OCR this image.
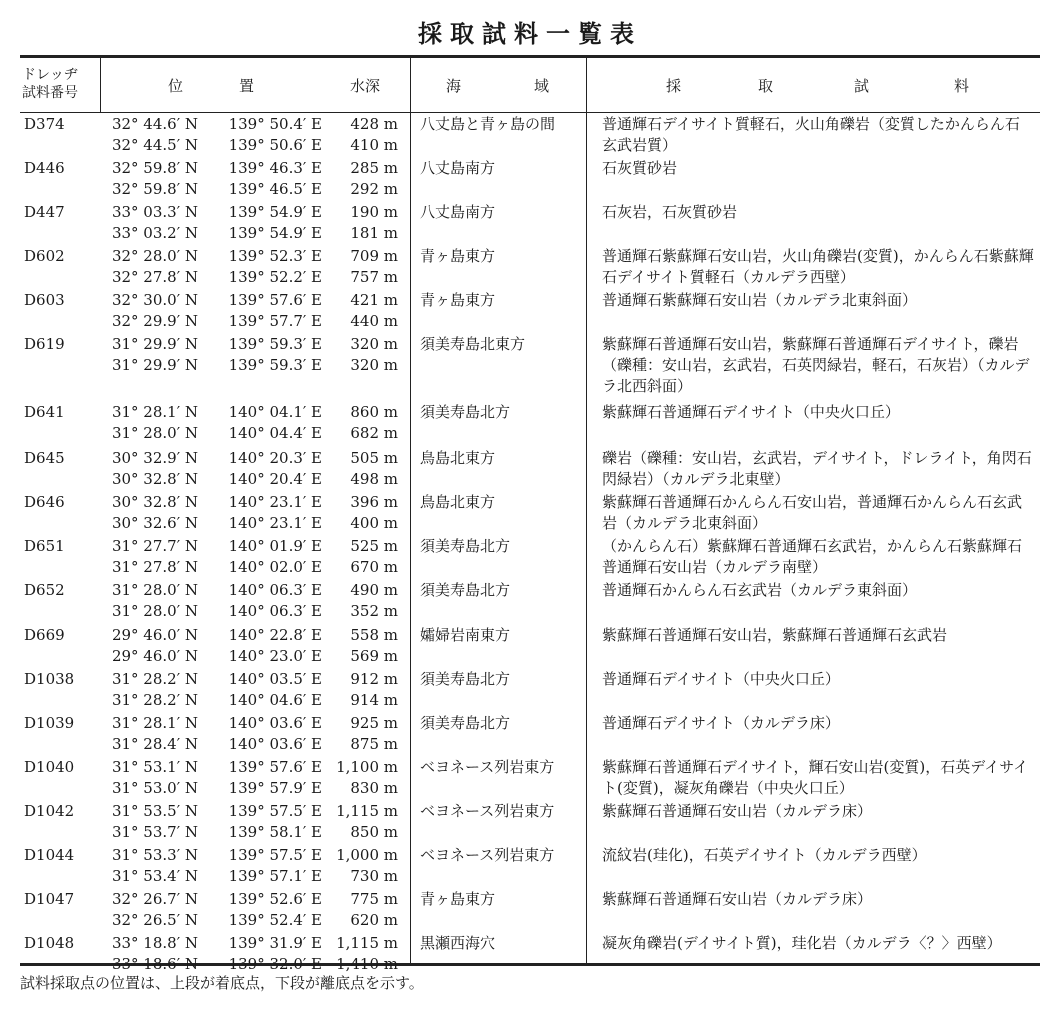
採取試料一覧表
ドレッヂ
試料番号	位	置	水深	海	域	採	取	試	料
D374	32° 44.6′ N	139° 50.4′ E	428 m
32° 44.5′ N	139° 50.6′ E	410 m
八丈島と青ヶ島の間	普通輝石デイサイト質軽石，火山角礫岩（変質したかんらん石玄武岩質）
D446	32° 59.8′ N	139° 46.3′ E	285 m
32° 59.8′ N	139° 46.5′ E	292 m
八丈島南方	石灰質砂岩
D447	33° 03.3′ N	139° 54.9′ E	190 m
33° 03.2′ N	139° 54.9′ E	181 m
八丈島南方	石灰岩，石灰質砂岩
D602	32° 28.0′ N	139° 52.3′ E	709 m
32° 27.8′ N	139° 52.2′ E	757 m
青ヶ島東方	普通輝石紫蘇輝石安山岩，火山角礫岩(変質)，かんらん石紫蘇輝石デイサイト質軽石（カルデラ西壁）
D603	32° 30.0′ N	139° 57.6′ E	421 m
32° 29.9′ N	139° 57.7′ E	440 m
青ヶ島東方	普通輝石紫蘇輝石安山岩（カルデラ北東斜面）
D619	31° 29.9′ N	139° 59.3′ E	320 m
31° 29.9′ N	139° 59.3′ E	320 m
須美寿島北東方	紫蘇輝石普通輝石安山岩，紫蘇輝石普通輝石デイサイト，礫岩（礫種：安山岩，玄武岩，石英閃緑岩，軽石，石灰岩）（カルデラ北西斜面）
D641	31° 28.1′ N	140° 04.1′ E	860 m
31° 28.0′ N	140° 04.4′ E	682 m
須美寿島北方	紫蘇輝石普通輝石デイサイト（中央火口丘）
D645	30° 32.9′ N	140° 20.3′ E	505 m
30° 32.8′ N	140° 20.4′ E	498 m
鳥島北東方	礫岩（礫種：安山岩，玄武岩，デイサイト，ドレライト，角閃石閃緑岩）（カルデラ北東壁）
D646	30° 32.8′ N	140° 23.1′ E	396 m
30° 32.6′ N	140° 23.1′ E	400 m
鳥島北東方	紫蘇輝石普通輝石かんらん石安山岩，普通輝石かんらん石玄武岩（カルデラ北東斜面）
D651	31° 27.7′ N	140° 01.9′ E	525 m
31° 27.8′ N	140° 02.0′ E	670 m
須美寿島北方	（かんらん石）紫蘇輝石普通輝石玄武岩，かんらん石紫蘇輝石普通輝石安山岩（カルデラ南壁）
D652	31° 28.0′ N	140° 06.3′ E	490 m
31° 28.0′ N	140° 06.3′ E	352 m
須美寿島北方	普通輝石かんらん石玄武岩（カルデラ東斜面）
D669	29° 46.0′ N	140° 22.8′ E	558 m
29° 46.0′ N	140° 23.0′ E	569 m
孀婦岩南東方	紫蘇輝石普通輝石安山岩，紫蘇輝石普通輝石玄武岩
D1038	31° 28.2′ N	140° 03.5′ E	912 m
31° 28.2′ N	140° 04.6′ E	914 m
須美寿島北方	普通輝石デイサイト（中央火口丘）
D1039	31° 28.1′ N	140° 03.6′ E	925 m
31° 28.4′ N	140° 03.6′ E	875 m
須美寿島北方	普通輝石デイサイト（カルデラ床）
D1040	31° 53.1′ N	139° 57.6′ E 1,100 m
31° 53.0′ N	139° 57.9′ E	830 m
ベヨネース列岩東方	紫蘇輝石普通輝石デイサイト，輝石安山岩(変質)，石英デイサイト(変質)，凝灰角礫岩（中央火口丘）
D1042	31° 53.5′ N	139° 57.5′ E 1,115 m
31° 53.7′ N	139° 58.1′ E	850 m
ベヨネース列岩東方	紫蘇輝石普通輝石安山岩（カルデラ床）
D1044	31° 53.3′ N	139° 57.5′ E 1,000 m
31° 53.4′ N	139° 57.1′ E	730 m
ベヨネース列岩東方	流紋岩(珪化)，石英デイサイト（カルデラ西壁）
D1047	32° 26.7′ N	139° 52.6′ E	775 m
32° 26.5′ N	139° 52.4′ E	620 m
青ヶ島東方	紫蘇輝石普通輝石安山岩（カルデラ床）
D1048	33° 18.8′ N	139° 31.9′ E 1,115 m
33° 18.6′ N	139° 32.0′ E 1,410 m
黒瀬西海穴	凝灰角礫岩(デイサイト質)，珪化岩（カルデラ〈？〉西壁）
試料採取点の位置は、上段が着底点，下段が離底点を示す。
